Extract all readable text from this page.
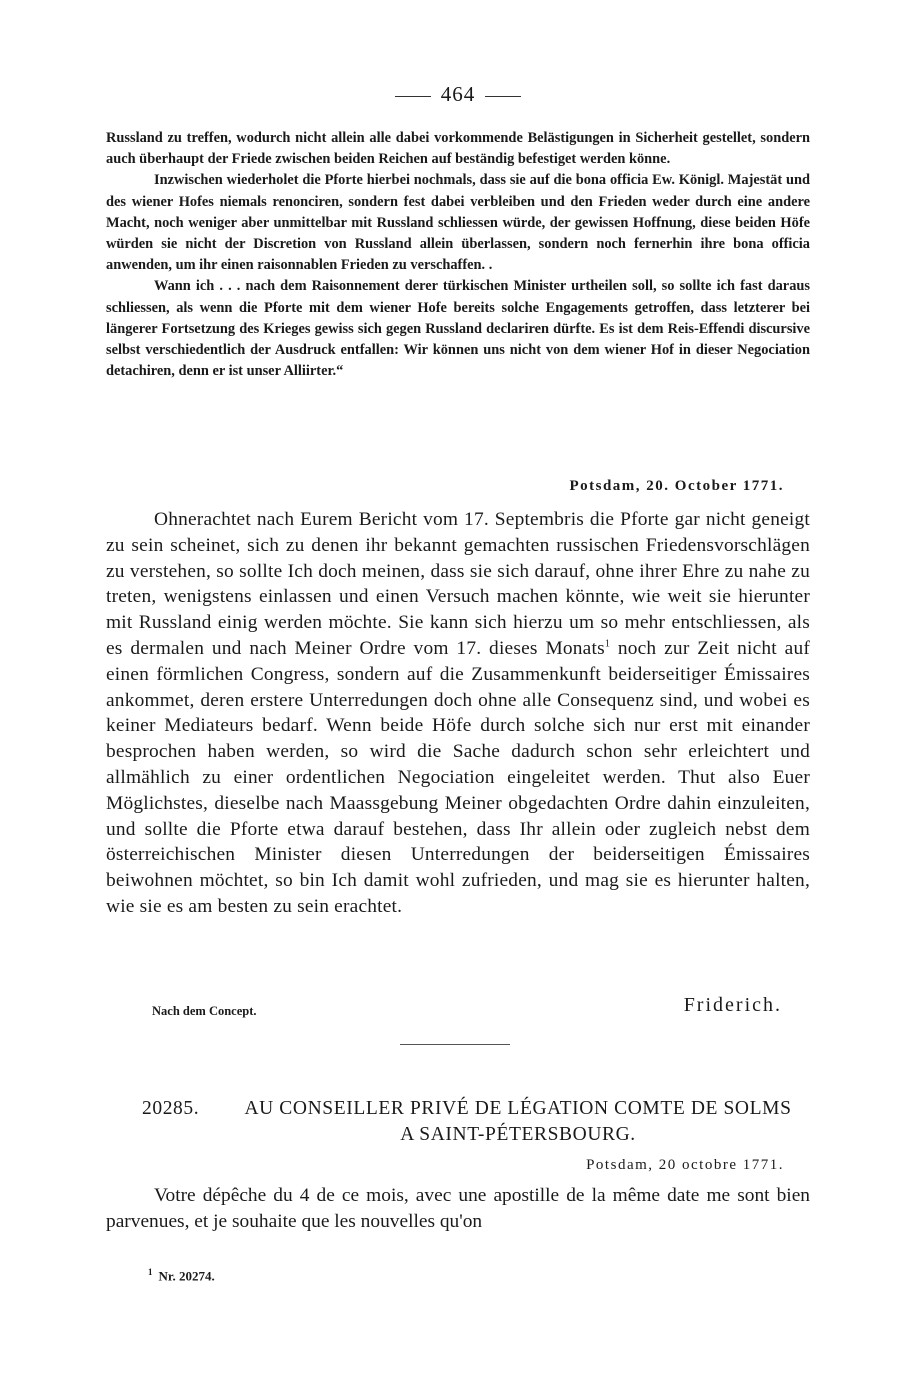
464

Russland zu treffen, wodurch nicht allein alle dabei vorkommende Belästigungen in Sicherheit gestellet, sondern auch überhaupt der Friede zwischen beiden Reichen auf beständig befestiget werden könne.

Inzwischen wiederholet die Pforte hierbei nochmals, dass sie auf die bona officia Ew. Königl. Majestät und des wiener Hofes niemals renonciren, sondern fest dabei verbleiben und den Frieden weder durch eine andere Macht, noch weniger aber unmittelbar mit Russland schliessen würde, der gewissen Hoffnung, diese beiden Höfe würden sie nicht der Discretion von Russland allein überlassen, sondern noch fernerhin ihre bona officia anwenden, um ihr einen raisonnablen Frieden zu verschaffen. .

Wann ich . . . nach dem Raisonnement derer türkischen Minister urtheilen soll, so sollte ich fast daraus schliessen, als wenn die Pforte mit dem wiener Hofe bereits solche Engagements getroffen, dass letzterer bei längerer Fortsetzung des Krieges gewiss sich gegen Russland declariren dürfte. Es ist dem Reis-Effendi discursive selbst verschiedentlich der Ausdruck entfallen: Wir können uns nicht von dem wiener Hof in dieser Negociation detachiren, denn er ist unser Alliirter.“

Potsdam, 20. October 1771.

Ohnerachtet nach Eurem Bericht vom 17. Septembris die Pforte gar nicht geneigt zu sein scheinet, sich zu denen ihr bekannt gemachten russischen Friedensvorschlägen zu verstehen, so sollte Ich doch meinen, dass sie sich darauf, ohne ihrer Ehre zu nahe zu treten, wenigstens einlassen und einen Versuch machen könnte, wie weit sie hierunter mit Russland einig werden möchte. Sie kann sich hierzu um so mehr entschliessen, als es dermalen und nach Meiner Ordre vom 17. dieses Monats$^1$ noch zur Zeit nicht auf einen förmlichen Congress, sondern auf die Zusammenkunft beiderseitiger Émissaires ankommet, deren erstere Unterredungen doch ohne alle Consequenz sind, und wobei es keiner Mediateurs bedarf. Wenn beide Höfe durch solche sich nur erst mit einander besprochen haben werden, so wird die Sache dadurch schon sehr erleichtert und allmählich zu einer ordentlichen Negociation eingeleitet werden. Thut also Euer Möglichstes, dieselbe nach Maassgebung Meiner obgedachten Ordre dahin einzuleiten, und sollte die Pforte etwa darauf bestehen, dass Ihr allein oder zugleich nebst dem österreichischen Minister diesen Unterredungen der beiderseitigen Émissaires beiwohnen möchtet, so bin Ich damit wohl zufrieden, und mag sie es hierunter halten, wie sie es am besten zu sein erachtet.

Nach dem Concept.	Friderich.
20285.	AU CONSEILLER PRIVÉ DE LÉGATION COMTE DE SOLMS A SAINT-PÉTERSBOURG.
Potsdam, 20 octobre 1771.

Votre dépêche du 4 de ce mois, avec une apostille de la même date me sont bien parvenues, et je souhaite que les nouvelles qu'on

$^1$ Nr. 20274.
